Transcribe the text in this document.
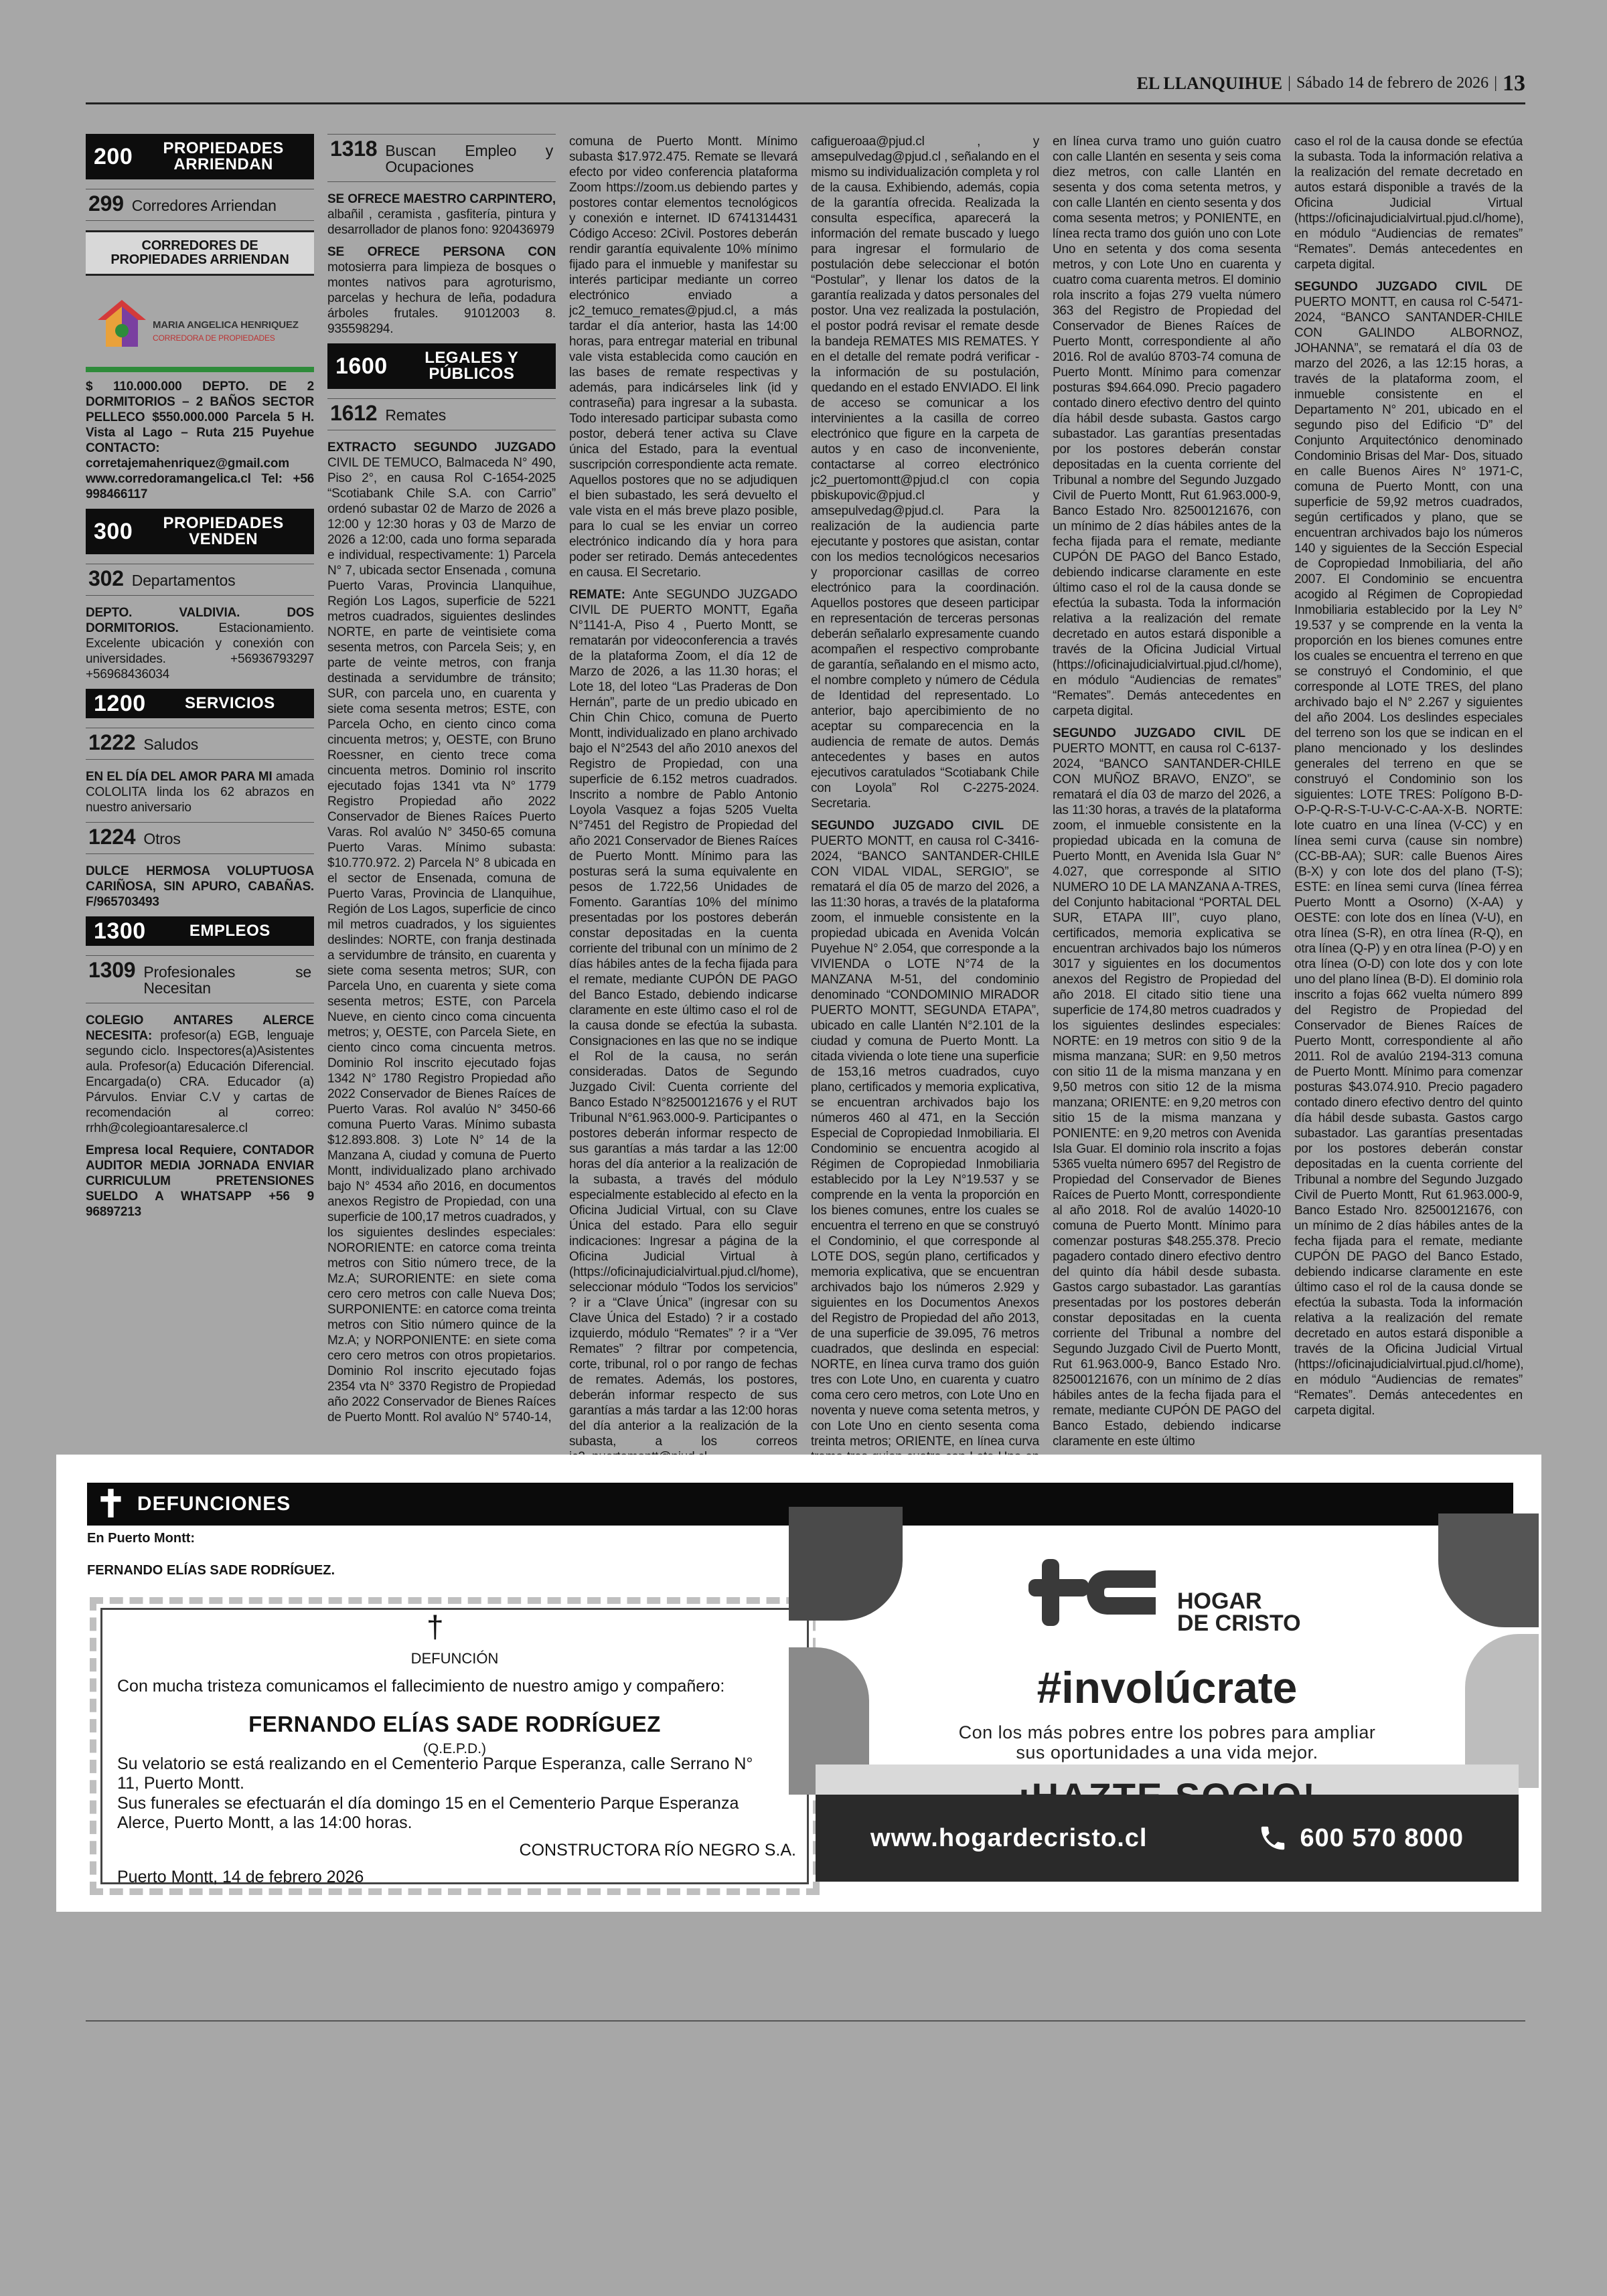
EL LLANQUIHUE | Sábado 14 de febrero de 2026 | 13
200	PROPIEDADES ARRIENDAN
299 Corredores Arriendan
CORREDORES DE PROPIEDADES ARRIENDAN
MARIA ANGELICA HENRIQUEZ
CORREDORA DE PROPIEDADES

$ 110.000.000 DEPTO. DE 2 DORMITORIOS – 2 BAÑOS SECTOR PELLECO $550.000.000 Parcela 5 H. Vista al Lago – Ruta 215 Puyehue CONTACTO: corretajemahenriquez@gmail.com www.corredoramangelica.cl Tel: +56 998466117

300	PROPIEDADES VENDEN
302 Departamentos

DEPTO. VALDIVIA. DOS DORMITORIOS.	Estacionamiento. Excelente ubicación y conexión con universidades. +56936793297 +56968436034

1200	SERVICIOS
1222 Saludos

EN EL DÍA DEL AMOR PARA MI amada COLOLITA linda los 62 abrazos en nuestro aniversario

1224 Otros

DULCE HERMOSA VOLUPTUOSA CARIÑOSA, SIN APURO, CABAÑAS. F/965703493

1300	EMPLEOS
1309 Profesionales se Necesitan

COLEGIO ANTARES ALERCE NECESITA: profesor(a) EGB, lenguaje segundo ciclo. Inspectores(a)Asistentes aula. Profesor(a) Educación Diferencial. Encargada(o) CRA. Educador (a) Párvulos. Enviar C.V y cartas de recomendación al correo: rrhh@colegioantaresalerce.cl

Empresa local Requiere, CONTADOR AUDITOR MEDIA JORNADA ENVIAR CURRICULUM PRETENSIONES SUELDO A WHATSAPP +56 9 96897213

1318 Buscan Empleo y Ocupaciones

SE OFRECE MAESTRO CARPINTERO, albañil , ceramista , gasfitería, pintura y desarrollador de planos fono: 920436979

SE OFRECE PERSONA CON motosierra para limpieza de bosques o montes nativos para agroturismo, parcelas y hechura de leña, podadura árboles frutales. 91012003 8. 935598294.

1600	LEGALES Y PÚBLICOS
1612 Remates

EXTRACTO SEGUNDO JUZGADO CIVIL DE TEMUCO, Balmaceda N° 490, Piso 2°, en causa Rol C-1654-2025 “Scotiabank Chile S.A. con Carrio” ordenó subastar 02 de Marzo de 2026 a 12:00 y 12:30 horas y 03 de Marzo de 2026 a 12:00, cada uno forma separada e individual, respectivamente: 1) Parcela N° 7, ubicada sector Ensenada , comuna Puerto Varas, Provincia Llanquihue, Región Los Lagos, superficie de 5221 metros cuadrados, siguientes deslindes NORTE, en parte de veintisiete coma sesenta metros, con Parcela Seis; y, en parte de veinte metros, con franja destinada a servidumbre de tránsito; SUR, con parcela uno, en cuarenta y siete coma sesenta metros; ESTE, con Parcela Ocho, en ciento cinco coma cincuenta metros; y, OESTE, con Bruno Roessner, en ciento trece coma cincuenta metros. Dominio rol inscrito ejecutado fojas 1341 vta N° 1779 Registro Propiedad año 2022 Conservador de Bienes Raíces Puerto Varas. Rol avalúo N° 3450-65 comuna Puerto Varas. Mínimo subasta: $10.770.972. 2) Parcela N° 8 ubicada en el sector de Ensenada, comuna de Puerto Varas, Provincia de Llanquihue, Región de Los Lagos, superficie de cinco mil metros cuadrados, y los siguientes deslindes: NORTE, con franja destinada a servidumbre de tránsito, en cuarenta y siete coma sesenta metros; SUR, con Parcela Uno, en cuarenta y siete coma sesenta metros; ESTE, con Parcela Nueve, en ciento cinco coma cincuenta metros; y, OESTE, con Parcela Siete, en ciento cinco coma cincuenta metros. Dominio Rol inscrito ejecutado fojas 1342 N° 1780 Registro Propiedad año 2022 Conservador de Bienes Raíces de Puerto Varas. Rol avalúo N° 3450-66 comuna Puerto Varas. Mínimo subasta $12.893.808. 3) Lote N° 14 de la Manzana A, ciudad y comuna de Puerto Montt, individualizado plano archivado bajo N° 4534 año 2016, en documentos anexos Registro de Propiedad, con una superficie de 100,17 metros cuadrados, y los siguientes deslindes especiales: NORORIENTE: en catorce coma treinta metros con Sitio número trece, de la Mz.A; SURORIENTE: en siete coma cero cero metros con calle Nueva Dos; SURPONIENTE: en catorce coma treinta metros con Sitio número quince de la Mz.A; y NORPONIENTE: en siete coma cero cero metros con otros propietarios. Dominio Rol inscrito ejecutado fojas 2354 vta N° 3370 Registro de Propiedad año 2022 Conservador de Bienes Raíces de Puerto Montt. Rol avalúo N° 5740-14,

comuna de Puerto Montt. Mínimo subasta $17.972.475. Remate se llevará efecto por video conferencia plataforma Zoom https://zoom.us debiendo partes y postores contar elementos tecnológicos y conexión e internet. ID 6741314431 Código Acceso: 2Civil. Postores deberán rendir garantía equivalente 10% mínimo fijado para el inmueble y manifestar su interés participar mediante un correo electrónico enviado a jc2_temuco_remates@pjud.cl, a más tardar el día anterior, hasta las 14:00 horas, para entregar material en tribunal vale vista establecida como caución en las bases de remate respectivas y además, para indicárseles link (id y contraseña) para ingresar a la subasta. Todo interesado participar subasta como postor, deberá tener activa su Clave única del Estado, para la eventual suscripción correspondiente acta remate. Aquellos postores que no se adjudiquen el bien subastado, les será devuelto el vale vista en el más breve plazo posible, para lo cual se les enviar un correo electrónico indicando día y hora para poder ser retirado. Demás antecedentes en causa. El Secretario.

REMATE: Ante SEGUNDO JUZGADO CIVIL DE PUERTO MONTT, Egaña N°1141-A, Piso 4 , Puerto Montt, se rematarán por videoconferencia a través de la plataforma Zoom, el día 12 de Marzo de 2026, a las 11.30 horas; el Lote 18, del loteo “Las Praderas de Don Hernán”, parte de un predio ubicado en Chin Chin Chico, comuna de Puerto Montt, individualizado en plano archivado bajo el N°2543 del año 2010 anexos del Registro de Propiedad, con una superficie de 6.152 metros cuadrados. Inscrito a nombre de Pablo Antonio Loyola Vasquez a fojas 5205 Vuelta N°7451 del Registro de Propiedad del año 2021 Conservador de Bienes Raíces de Puerto Montt. Mínimo para las posturas será la suma equivalente en pesos de 1.722,56 Unidades de Fomento. Garantías 10% del mínimo presentadas por los postores deberán constar depositadas en la cuenta corriente del tribunal con un mínimo de 2 días hábiles antes de la fecha fijada para el remate, mediante CUPÓN DE PAGO del Banco Estado, debiendo indicarse claramente en este último caso el rol de la causa donde se efectúa la subasta. Consignaciones en las que no se indique el Rol de la causa, no serán consideradas. Datos de Segundo Juzgado Civil: Cuenta corriente del Banco Estado N°82500121676 y el RUT Tribunal N°61.963.000-9. Participantes o postores deberán informar respecto de sus garantías a más tardar a las 12:00 horas del día anterior a la realización de la subasta, a través del módulo especialmente establecido al efecto en la Oficina Judicial Virtual, con su Clave Única del estado. Para ello seguir indicaciones: Ingresar a página de la Oficina Judicial Virtual à (https://oficinajudicialvirtual.pjud.cl/home), seleccionar módulo “Todos los servicios” ? ir a “Clave Única” (ingresar con su Clave Única del Estado) ? ir a costado izquierdo, módulo “Remates” ? ir a “Ver Remates” ? filtrar por competencia, corte, tribunal, rol o por rango de fechas de remates. Además, los postores, deberán informar respecto de sus garantías a más tardar a las 12:00 horas del día anterior a la realización de la subasta, a los correos

cafigueroaa@pjud.cl , y amsepulvedag@pjud.cl , señalando en el mismo su individualización completa y rol de la causa. Exhibiendo, además, copia de la garantía ofrecida. Realizada la consulta específica, aparecerá la información del remate buscado y luego para ingresar el formulario de postulación debe seleccionar el botón “Postular”, y llenar los datos de la garantía realizada y datos personales del postor. Una vez realizada la postulación, el postor podrá revisar el remate desde la bandeja REMATES MIS REMATES. Y en el detalle del remate podrá verificar - la información de su postulación, quedando en el estado ENVIADO. El link de acceso se comunicar a los intervinientes a la casilla de correo electrónico que figure en la carpeta de autos y en caso de inconveniente, contactarse al correo electrónico jc2_puertomontt@pjud.cl con copia pbiskupovic@pjud.cl y amsepulvedag@pjud.cl. Para la realización de la audiencia parte ejecutante y postores que asistan, contar con los medios tecnológicos necesarios y proporcionar casillas de correo electrónico para la coordinación. Aquellos postores que deseen participar en representación de terceras personas deberán señalarlo expresamente cuando acompañen el respectivo comprobante de garantía, señalando en el mismo acto, el nombre completo y número de Cédula de Identidad del representado. Lo anterior, bajo apercibimiento de no aceptar su comparecencia en la audiencia de remate de autos. Demás antecedentes y bases en autos ejecutivos caratulados “Scotiabank Chile con Loyola” Rol C-2275-2024. Secretaria.

SEGUNDO JUZGADO CIVIL DE PUERTO MONTT, en causa rol C-3416-2024, “BANCO SANTANDER-CHILE CON VIDAL VIDAL, SERGIO”, se rematará el día 05 de marzo del 2026, a las 11:30 horas, a través de la plataforma zoom, el inmueble consistente en la propiedad ubicada en Avenida Volcán Puyehue N° 2.054, que corresponde a la VIVIENDA o LOTE N°74 de la MANZANA M-51, del condominio denominado “CONDOMINIO MIRADOR PUERTO MONTT, SEGUNDA ETAPA”, ubicado en calle Llantén N°2.101 de la ciudad y comuna de Puerto Montt. La citada vivienda o lote tiene una superficie de 153,16 metros cuadrados, cuyo plano, certificados y memoria explicativa, se encuentran archivados bajo los números 460 al 471, en la Sección Especial de Copropiedad Inmobiliaria. El Condominio se encuentra acogido al Régimen de Copropiedad Inmobiliaria establecido por la Ley N°19.537 y se comprende en la venta la proporción en los bienes comunes, entre los cuales se encuentra el terreno en que se construyó el Condominio, el que corresponde al LOTE DOS, según plano, certificados y memoria explicativa, que se encuentran archivados bajo los números 2.929 y siguientes en los Documentos Anexos del Registro de Propiedad del año 2013, de una superficie de 39.095, 76 metros cuadrados, que deslinda en especial: NORTE, en línea curva tramo dos guión tres con Lote Uno, en cuarenta y cuatro coma cero cero metros, con Lote Uno en noventa y nueve coma setenta metros, y con Lote Uno en ciento sesenta coma treinta metros; ORIENTE, en línea curva

en línea curva tramo uno guión cuatro con calle Llantén en sesenta y seis coma diez metros, con calle Llantén en sesenta y dos coma setenta metros, y con calle Llantén en ciento sesenta y dos coma sesenta metros; y PONIENTE, en línea recta tramo dos guión uno con Lote Uno en setenta y dos coma sesenta metros, y con Lote Uno en cuarenta y cuatro coma cuarenta metros. El dominio rola inscrito a fojas 279 vuelta número 363 del Registro de Propiedad del Conservador de Bienes Raíces de Puerto Montt, correspondiente al año 2016. Rol de avalúo 8703-74 comuna de Puerto Montt. Mínimo para comenzar posturas $94.664.090. Precio pagadero contado dinero efectivo dentro del quinto día hábil desde subasta. Gastos cargo subastador. Las garantías presentadas por los postores deberán constar depositadas en la cuenta corriente del Tribunal a nombre del Segundo Juzgado Civil de Puerto Montt, Rut 61.963.000-9, Banco Estado Nro. 82500121676, con un mínimo de 2 días hábiles antes de la fecha fijada para el remate, mediante CUPÓN DE PAGO del Banco Estado, debiendo indicarse claramente en este último caso el rol de la causa donde se efectúa la subasta. Toda la información relativa a la realización del remate decretado en autos estará disponible a través de la Oficina Judicial Virtual (https://oficinajudicialvirtual.pjud.cl/home), en módulo “Audiencias de remates” “Remates”. Demás antecedentes en carpeta digital.

SEGUNDO JUZGADO CIVIL DE PUERTO MONTT, en causa rol C-6137-2024, “BANCO SANTANDER-CHILE CON MUÑOZ BRAVO, ENZO”, se rematará el día 03 de marzo del 2026, a las 11:30 horas, a través de la plataforma zoom, el inmueble consistente en la propiedad ubicada en la comuna de Puerto Montt, en Avenida Isla Guar N° 4.027, que corresponde al SITIO NUMERO 10 DE LA MANZANA A-TRES, del Conjunto habitacional “PORTAL DEL SUR, ETAPA III”, cuyo plano, certificados, memoria explicativa se encuentran archivados bajo los números 3017 y siguientes en los documentos anexos del Registro de Propiedad del año 2018. El citado sitio tiene una superficie de 174,80 metros cuadrados y los siguientes deslindes especiales: NORTE: en 19 metros con sitio 9 de la misma manzana; SUR: en 9,50 metros con sitio 11 de la misma manzana y en 9,50 metros con sitio 12 de la misma manzana; ORIENTE: en 9,20 metros con sitio 15 de la misma manzana y PONIENTE: en 9,20 metros con Avenida Isla Guar. El dominio rola inscrito a fojas 5365 vuelta número 6957 del Registro de Propiedad del Conservador de Bienes Raíces de Puerto Montt, correspondiente al año 2018. Rol de avalúo 14020-10 comuna de Puerto Montt. Mínimo para comenzar posturas $48.255.378. Precio pagadero contado dinero efectivo dentro del quinto día hábil desde subasta. Gastos cargo subastador. Las garantías presentadas por los postores deberán constar depositadas en la cuenta corriente del Tribunal a nombre del Segundo Juzgado Civil de Puerto Montt, Rut 61.963.000-9, Banco Estado Nro. 82500121676, con un mínimo de 2 días hábiles antes de la fecha fijada para el remate, mediante CUPÓN DE PAGO del Banco Estado, debiendo indicarse claramente en este último

caso el rol de la causa donde se efectúa la subasta. Toda la información relativa a la realización del remate decretado en autos estará disponible a través de la Oficina Judicial Virtual (https://oficinajudicialvirtual.pjud.cl/home), en módulo “Audiencias de remates” “Remates”. Demás antecedentes en carpeta digital.

SEGUNDO JUZGADO CIVIL DE PUERTO MONTT, en causa rol C-5471-2024, “BANCO SANTANDER-CHILE CON GALINDO ALBORNOZ, JOHANNA”, se rematará el día 03 de marzo del 2026, a las 12:15 horas, a través de la plataforma zoom, el inmueble consistente en el Departamento N° 201, ubicado en el segundo piso del Edificio “D” del Conjunto Arquitectónico denominado Condominio Brisas del Mar- Dos, situado en calle Buenos Aires N° 1971-C, comuna de Puerto Montt, con una superficie de 59,92 metros cuadrados, según certificados y plano, que se encuentran archivados bajo los números 140 y siguientes de la Sección Especial de Copropiedad Inmobiliaria, del año 2007. El Condominio se encuentra acogido al Régimen de Copropiedad Inmobiliaria establecido por la Ley N° 19.537 y se comprende en la venta la proporción en los bienes comunes entre los cuales se encuentra el terreno en que se construyó el Condominio, el que corresponde al LOTE TRES, del plano archivado bajo el N° 2.267 y siguientes del año 2004. Los deslindes especiales del terreno son los que se indican en el plano mencionado y los deslindes generales del terreno en que se construyó el Condominio son los siguientes: LOTE TRES: Polígono B-D-O-P-Q-R-S-T-U-V-C-C-AA-X-B. NORTE: lote cuatro en una línea (V-CC) y en línea semi curva (cause sin nombre) (CC-BB-AA); SUR: calle Buenos Aires (B-X) y con lote dos del plano (T-S); ESTE: en línea semi curva (línea férrea Puerto Montt a Osorno) (X-AA) y OESTE: con lote dos en línea (V-U), en otra línea (S-R), en otra línea (R-Q), en otra línea (Q-P) y en otra línea (P-O) y en otra línea (O-D) con lote dos y con lote uno del plano línea (B-D). El dominio rola inscrito a fojas 662 vuelta número 899 del Registro de Propiedad del Conservador de Bienes Raíces de Puerto Montt, correspondiente al año 2011. Rol de avalúo 2194-313 comuna de Puerto Montt. Mínimo para comenzar posturas $43.074.910. Precio pagadero contado dinero efectivo dentro del quinto día hábil desde subasta. Gastos cargo subastador. Las garantías presentadas por los postores deberán constar depositadas en la cuenta corriente del Tribunal a nombre del Segundo Juzgado Civil de Puerto Montt, Rut 61.963.000-9, Banco Estado Nro. 82500121676, con un mínimo de 2 días hábiles antes de la fecha fijada para el remate, mediante CUPÓN DE PAGO del Banco Estado, debiendo indicarse claramente en este último caso el rol de la causa donde se efectúa la subasta. Toda la información relativa a la realización del remate decretado en autos estará disponible a través de la Oficina Judicial Virtual (https://oficinajudicialvirtual.pjud.cl/home), en módulo “Audiencias de remates” “Remates”. Demás antecedentes en carpeta digital.

✝ DEFUNCIONES
En Puerto Montt:
FERNANDO ELÍAS SADE RODRÍGUEZ.
†
DEFUNCIÓN
Con mucha tristeza comunicamos el fallecimiento de nuestro amigo y compañero:
FERNANDO ELÍAS SADE RODRÍGUEZ
(Q.E.P.D.)
Su velatorio se está realizando en el Cementerio Parque Esperanza, calle Serrano N° 11, Puerto Montt.
Sus funerales se efectuarán el día domingo 15 en el Cementerio Parque Esperanza Alerce, Puerto Montt, a las 14:00 horas.
CONSTRUCTORA RÍO NEGRO S.A.
Puerto Montt, 14 de febrero 2026
HOGAR
DE CRISTO
#involúcrate
Con los más pobres entre los pobres para ampliar
sus oportunidades a una vida mejor.
www.hogardecristo.cl	600 570 8000
